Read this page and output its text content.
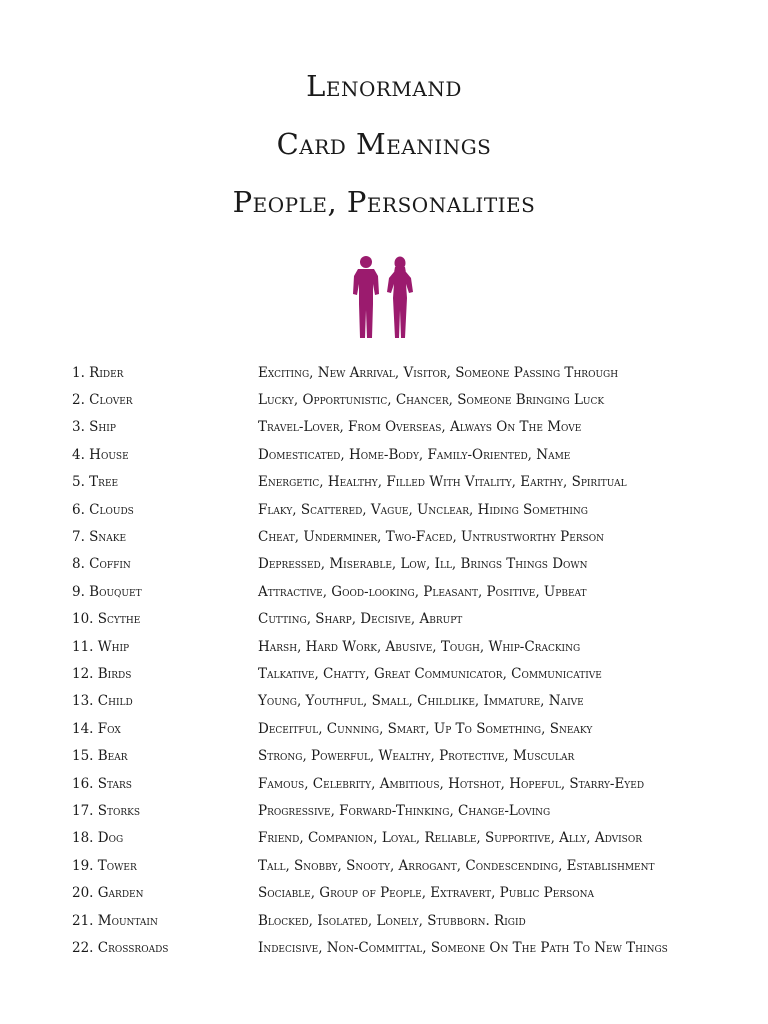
Lenormand
Card Meanings
People, Personalities
1. Rider	Exciting, New Arrival, Visitor, Someone Passing Through
2. Clover	Lucky, Opportunistic, Chancer, Someone Bringing Luck
3. Ship	Travel-Lover, From Overseas, Always On The Move
4. House	Domesticated, Home-Body, Family-Oriented, Name
5. Tree	Energetic, Healthy, Filled With Vitality, Earthy, Spiritual
6. Clouds	Flaky, Scattered, Vague, Unclear, Hiding Something
7. Snake	Cheat, Underminer, Two-Faced, Untrustworthy Person
8. Coffin	Depressed, Miserable, Low, Ill, Brings Things Down
9. Bouquet	Attractive, Good-looking, Pleasant, Positive, Upbeat
10. Scythe	Cutting, Sharp, Decisive, Abrupt
11. Whip	Harsh, Hard Work, Abusive, Tough, Whip-Cracking
12. Birds	Talkative, Chatty, Great Communicator, Communicative
13. Child	Young, Youthful, Small, Childlike, Immature, Naive
14. Fox	Deceitful, Cunning, Smart, Up To Something, Sneaky
15. Bear	Strong, Powerful, Wealthy, Protective, Muscular
16. Stars	Famous, Celebrity, Ambitious, Hotshot, Hopeful, Starry-Eyed
17. Storks	Progressive, Forward-Thinking, Change-Loving
18. Dog	Friend, Companion, Loyal, Reliable, Supportive, Ally, Advisor
19. Tower	Tall, Snobby, Snooty, Arrogant, Condescending, Establishment
20. Garden	Sociable, Group of People, Extravert, Public Persona
21. Mountain	Blocked, Isolated, Lonely, Stubborn. Rigid
22. Crossroads	Indecisive, Non-Committal, Someone On The Path To New Things
